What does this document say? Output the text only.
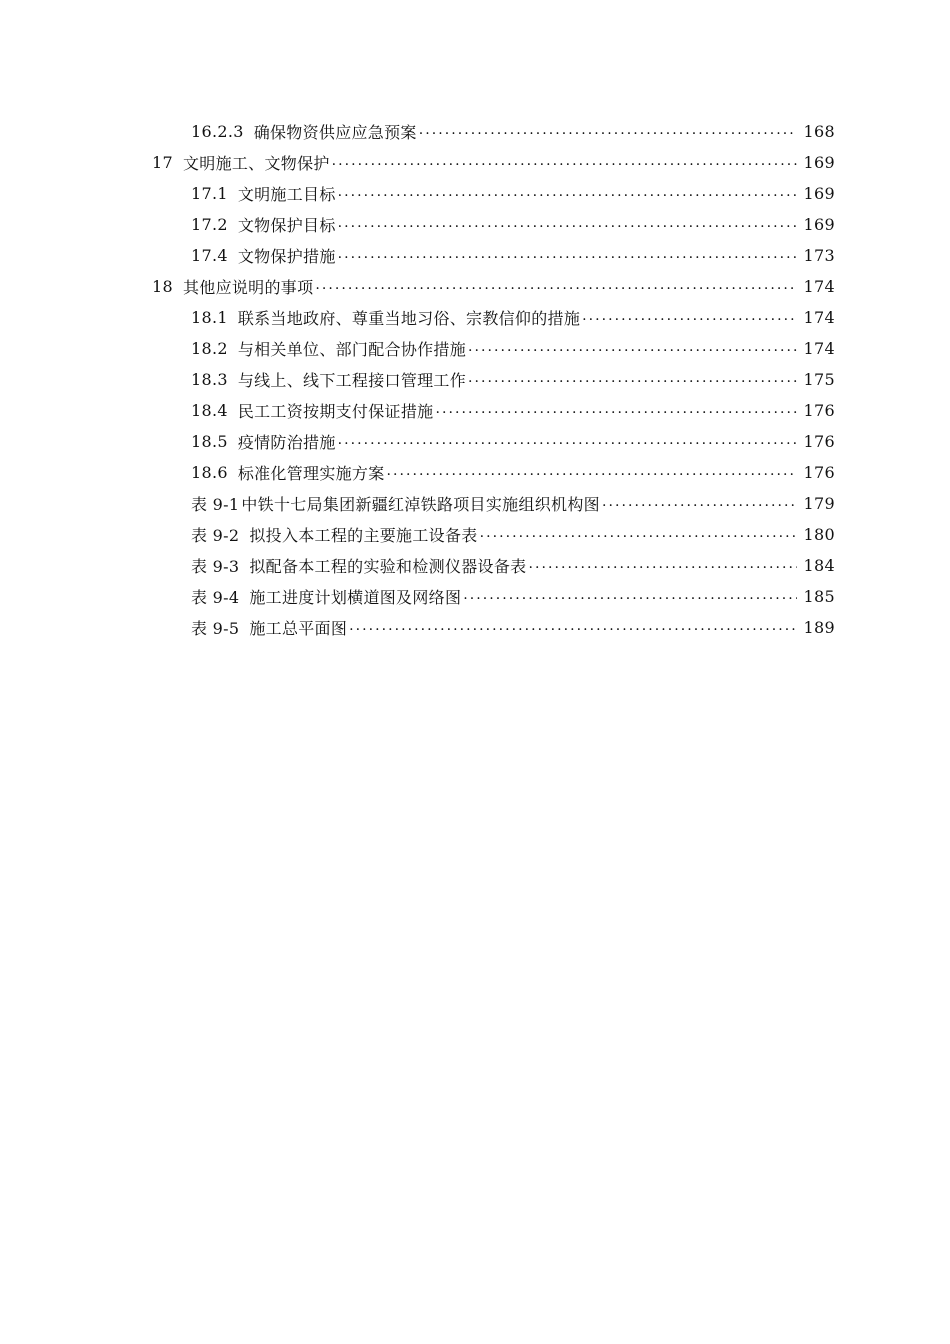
16.2.3 确保物资供应应急预案 . . .	168
17 文明施工、文物保护 . . .	169
17.1 文明施工目标 . . .	169
17.2 文物保护目标 . . .	169
17.4 文物保护措施 . . .	173
18 其他应说明的事项 . . .	174
18.1 联系当地政府、尊重当地习俗、宗教信仰的措施 . . .	174
18.2 与相关单位、部门配合协作措施 . . .	174
18.3 与线上、线下工程接口管理工作 . . .	175
18.4 民工工资按期支付保证措施 . . .	176
18.5 疫情防治措施 . . .	176
18.6 标准化管理实施方案 . . .	176
表 9-1 中铁十七局集团新疆红淖铁路项目实施组织机构图 . . .	179
表 9-2 拟投入本工程的主要施工设备表 . . .	180
表 9-3 拟配备本工程的实验和检测仪器设备表 . . .	184
表 9-4 施工进度计划横道图及网络图 . . .	185
表 9-5 施工总平面图 . . .	189
